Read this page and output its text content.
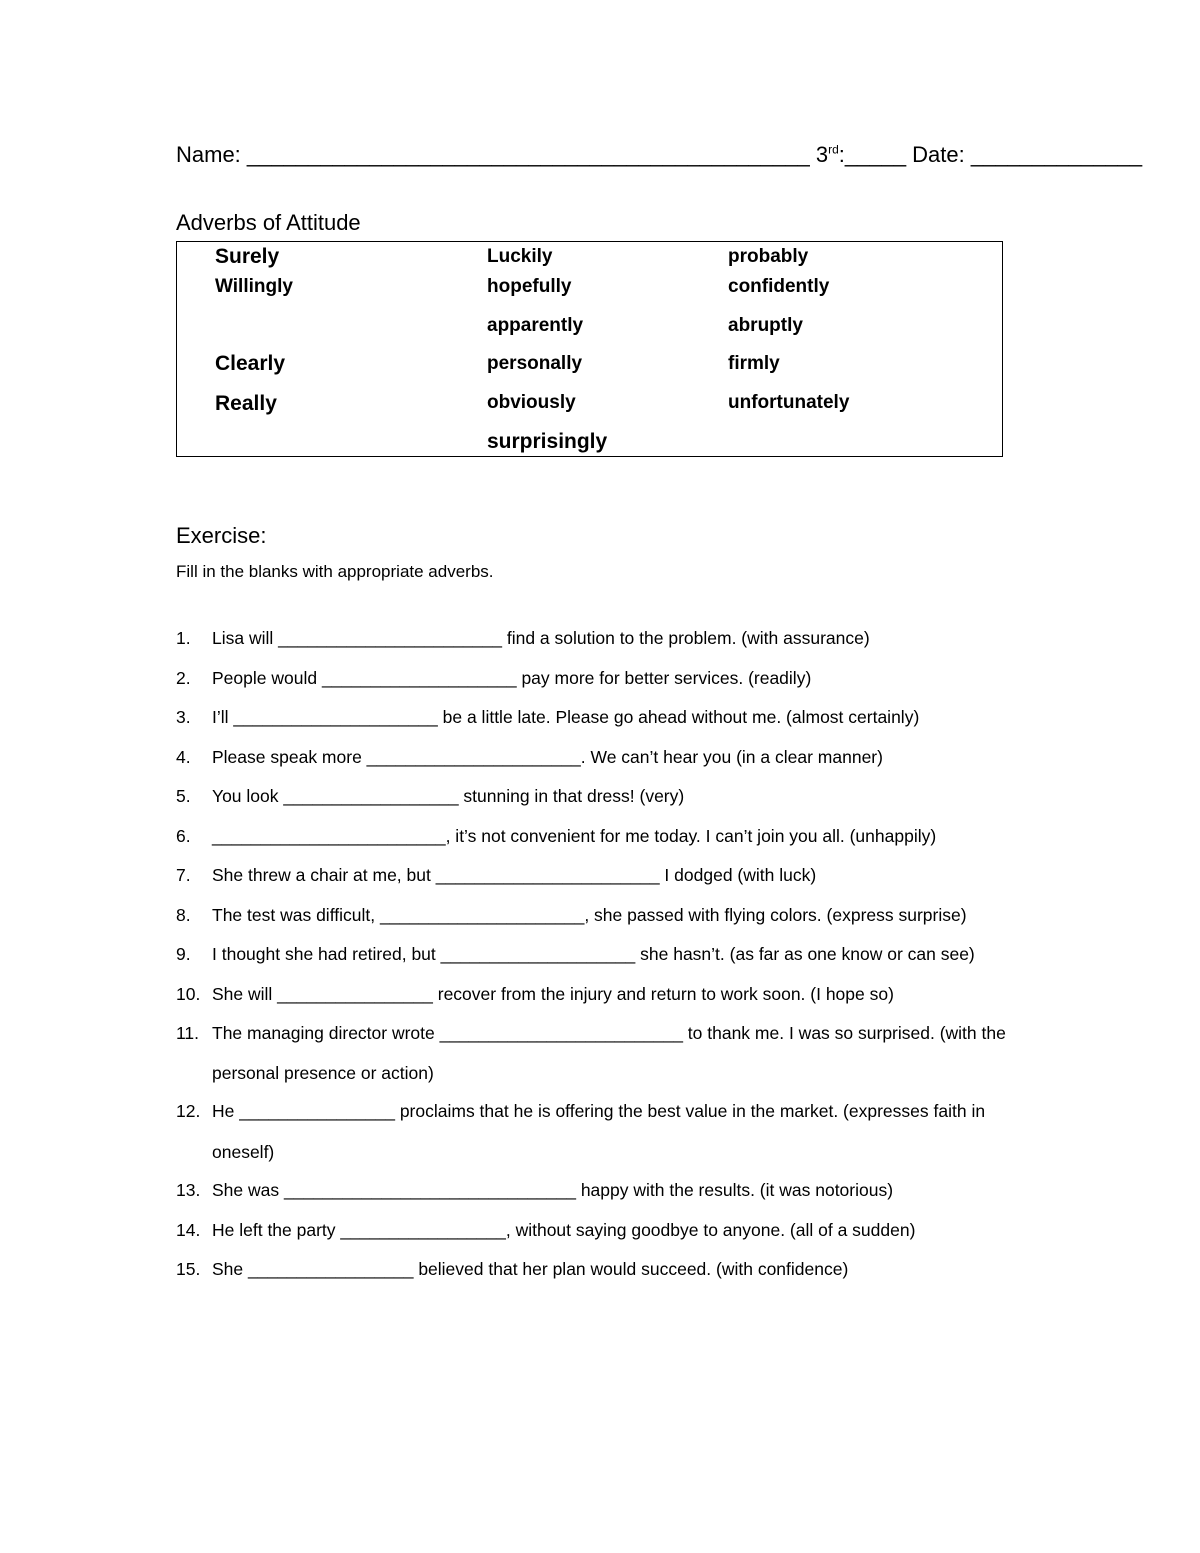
Name: ______________________________________________ 3rd:_____ Date: ______________
Adverbs of Attitude
Surely
Willingly
Clearly
Really
Luckily
hopefully
apparently
personally
obviously
surprisingly
probably
confidently
abruptly
firmly
unfortunately
Exercise:
Fill in the blanks with appropriate adverbs.
1. Lisa will _______________________ find a solution to the problem. (with assurance)
2. People would ____________________ pay more for better services. (readily)
3. I’ll _____________________ be a little late. Please go ahead without me. (almost certainly)
4. Please speak more ______________________. We can’t hear you (in a clear manner)
5. You look __________________ stunning in that dress! (very)
6. ________________________, it’s not convenient for me today. I can’t join you all. (unhappily)
7. She threw a chair at me, but _______________________ I dodged (with luck)
8. The test was difficult, _____________________, she passed with flying colors. (express surprise)
9. I thought she had retired, but ____________________ she hasn’t. (as far as one know or can see)
10. She will ________________ recover from the injury and return to work soon. (I hope so)
11. The managing director wrote _________________________ to thank me. I was so surprised. (with the
personal presence or action)
12. He ________________ proclaims that he is offering the best value in the market. (expresses faith in
oneself)
13. She was ______________________________ happy with the results. (it was notorious)
14. He left the party _________________, without saying goodbye to anyone. (all of a sudden)
15. She _________________ believed that her plan would succeed. (with confidence)
